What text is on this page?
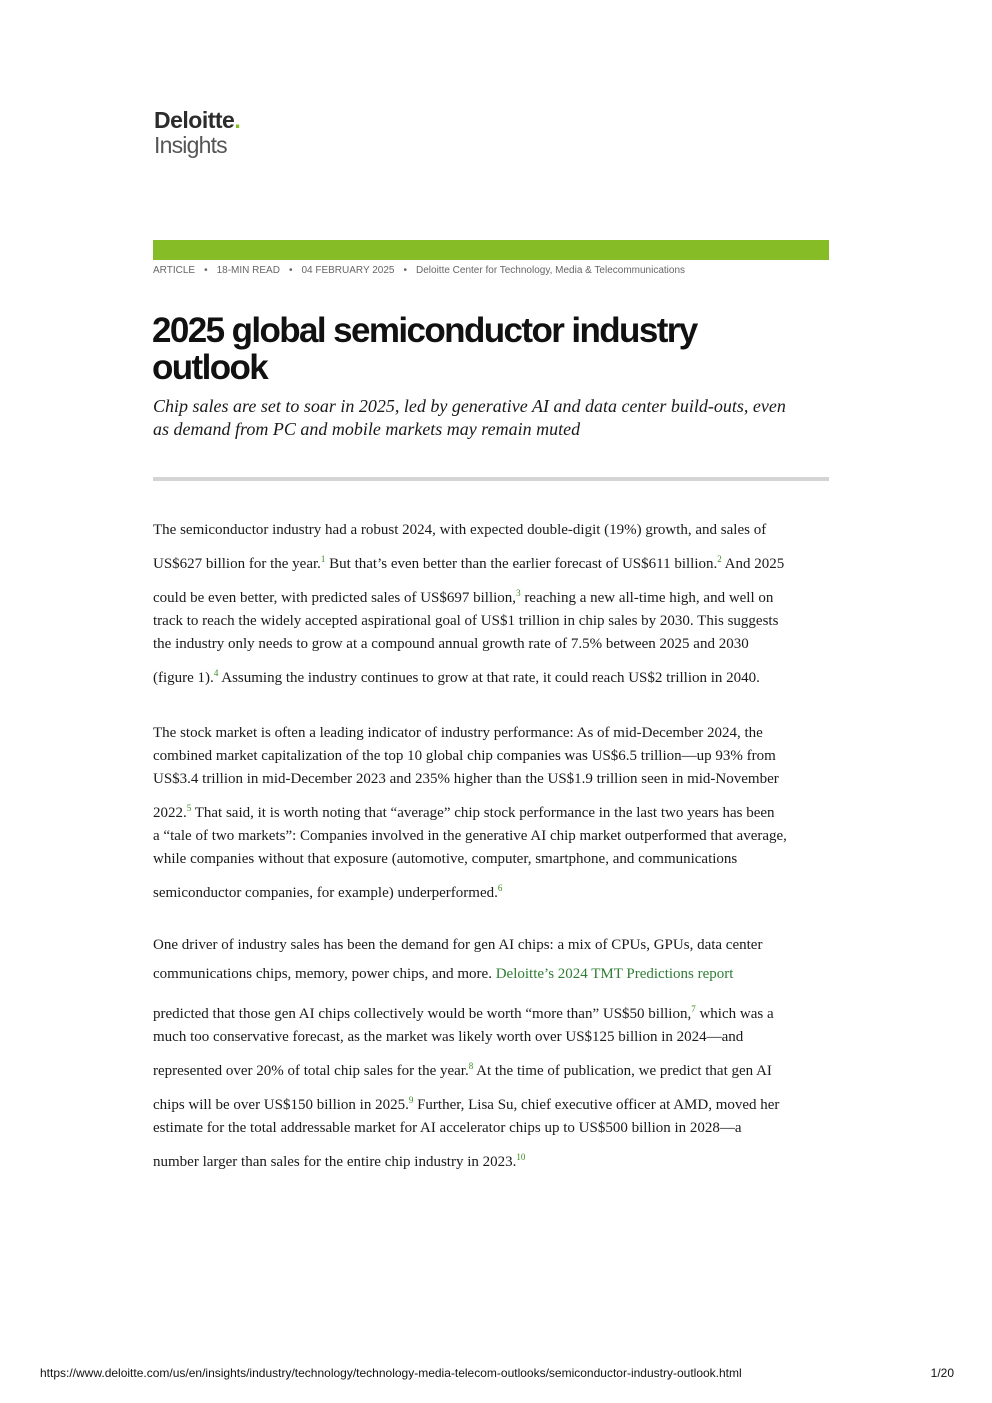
Deloitte.
Insights
ARTICLE • 18-MIN READ • 04 FEBRUARY 2025 • Deloitte Center for Technology, Media & Telecommunications
2025 global semiconductor industry
outlook

Chip sales are set to soar in 2025, led by generative AI and data center build-outs, even
as demand from PC and mobile markets may remain muted

The semiconductor industry had a robust 2024, with expected double-digit (19%) growth, and sales of
US$627 billion for the year.$^1$ But that’s even better than the earlier forecast of US$611 billion.$^2$ And 2025
could be even better, with predicted sales of US$697 billion,$^3$ reaching a new all-time high, and well on
track to reach the widely accepted aspirational goal of US$1 trillion in chip sales by 2030. This suggests
the industry only needs to grow at a compound annual growth rate of 7.5% between 2025 and 2030
(figure 1).$^4$ Assuming the industry continues to grow at that rate, it could reach US$2 trillion in 2040.
The stock market is often a leading indicator of industry performance: As of mid-December 2024, the
combined market capitalization of the top 10 global chip companies was US$6.5 trillion—up 93% from
US$3.4 trillion in mid-December 2023 and 235% higher than the US$1.9 trillion seen in mid-November
2022.$^5$ That said, it is worth noting that “average” chip stock performance in the last two years has been
a “tale of two markets”: Companies involved in the generative AI chip market outperformed that average,
while companies without that exposure (automotive, computer, smartphone, and communications
semiconductor companies, for example) underperformed.$^6$
One driver of industry sales has been the demand for gen AI chips: a mix of CPUs, GPUs, data center
communications chips, memory, power chips, and more. Deloitte’s 2024 TMT Predictions report
predicted that those gen AI chips collectively would be worth “more than” US$50 billion,$^7$ which was a
much too conservative forecast, as the market was likely worth over US$125 billion in 2024—and
represented over 20% of total chip sales for the year.$^8$ At the time of publication, we predict that gen AI
chips will be over US$150 billion in 2025.$^9$ Further, Lisa Su, chief executive officer at AMD, moved her
estimate for the total addressable market for AI accelerator chips up to US$500 billion in 2028—a
number larger than sales for the entire chip industry in 2023.10
https://www.deloitte.com/us/en/insights/industry/technology/technology-media-telecom-outlooks/semiconductor-industry-outlook.html	1/20
